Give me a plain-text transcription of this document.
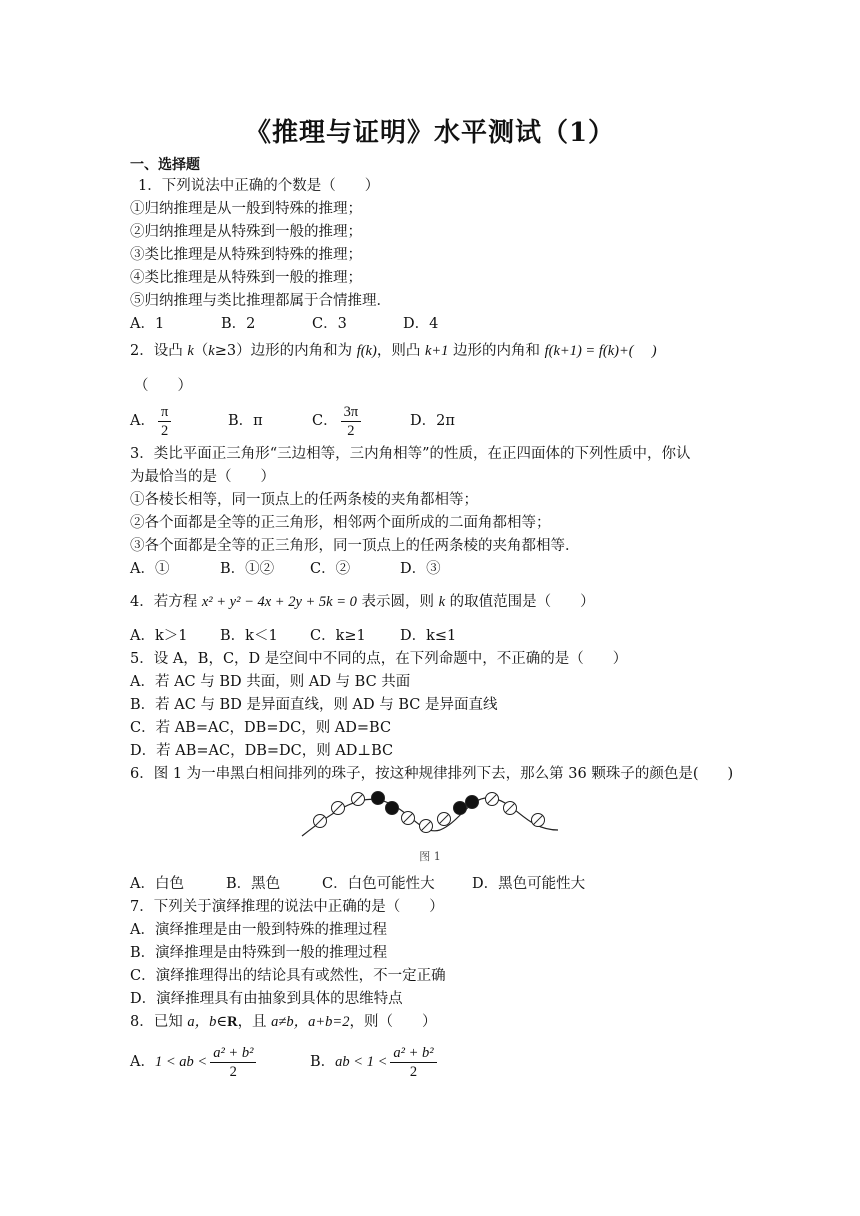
《推理与证明》水平测试（1）
一、选择题
1．下列说法中正确的个数是（　　）
①归纳推理是从一般到特殊的推理；
②归纳推理是从特殊到一般的推理；
③类比推理是从特殊到特殊的推理；
④类比推理是从特殊到一般的推理；
⑤归纳推理与类比推理都属于合情推理．
A．1	B．2	C．3	D．4
2．设凸 k（k≥3）边形的内角和为 f(k)，则凸 k+1 边形的内角和 f(k+1) = f(k)+(　 )
（　　）
A． $\frac{\pi}{2}$	B．π	C． $\frac{3\pi}{2}$	D．2π
3．类比平面正三角形“三边相等，三内角相等”的性质，在正四面体的下列性质中，你认
为最恰当的是（　　）
①各棱长相等，同一顶点上的任两条棱的夹角都相等；
②各个面都是全等的正三角形，相邻两个面所成的二面角都相等；
③各个面都是全等的正三角形，同一顶点上的任两条棱的夹角都相等．
A．①	B．①② C．②	D．③
4．若方程 x² + y² − 4x + 2y + 5k = 0 表示圆，则 k 的取值范围是（　　）
A．k＞1 B．k＜1 C．k≥1 D．k≤1
5．设 A，B，C，D 是空间中不同的点，在下列命题中，不正确的是（　　）
A．若 AC 与 BD 共面，则 AD 与 BC 共面
B．若 AC 与 BD 是异面直线，则 AD 与 BC 是异面直线
C．若 AB=AC，DB=DC，则 AD=BC
D．若 AB=AC，DB=DC，则 AD⊥BC
6．图 1 为一串黑白相间排列的珠子，按这种规律排列下去，那么第 36 颗珠子的颜色是(　　)
图 1
A．白色	B．黑色	C．白色可能性大	D．黑色可能性大
7．下列关于演绎推理的说法中正确的是（　　）
A．演绎推理是由一般到特殊的推理过程
B．演绎推理是由特殊到一般的推理过程
C．演绎推理得出的结论具有或然性，不一定正确
D．演绎推理具有由抽象到具体的思维特点
8．已知 a，b∈R，且 a≠b，a+b=2，则（　　）
A．1 < ab < $\frac{\text{a² + b²}}{2}$	B．ab < $1 < \frac{\text{a² + b²}}{2}$
